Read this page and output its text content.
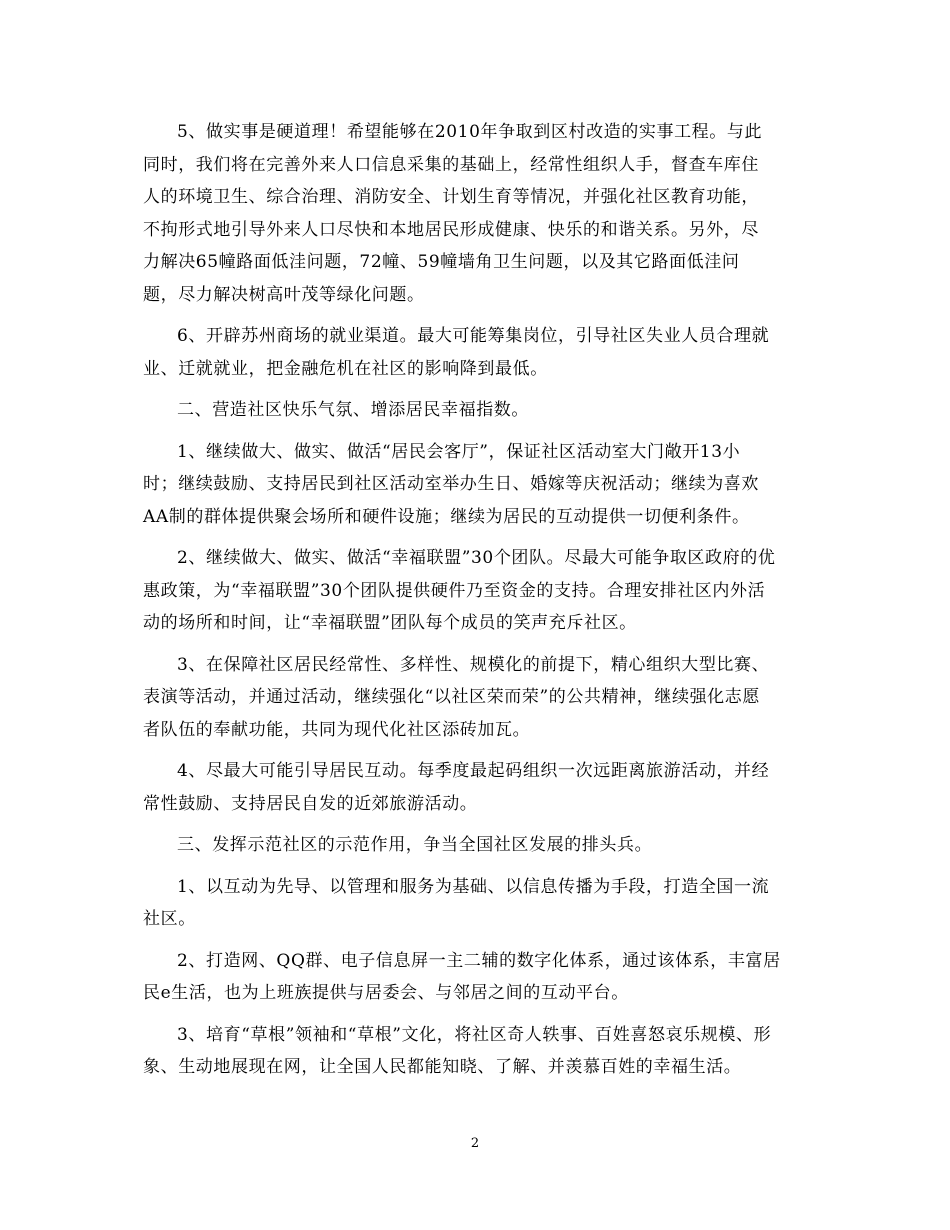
5、做实事是硬道理！希望能够在2010年争取到区村改造的实事工程。与此
同时，我们将在完善外来人口信息采集的基础上，经常性组织人手，督查车库住
人的环境卫生、综合治理、消防安全、计划生育等情况，并强化社区教育功能，
不拘形式地引导外来人口尽快和本地居民形成健康、快乐的和谐关系。另外，尽
力解决65幢路面低洼问题，72幢、59幢墙角卫生问题，以及其它路面低洼问
题，尽力解决树高叶茂等绿化问题。

6、开辟苏州商场的就业渠道。最大可能筹集岗位，引导社区失业人员合理就
业、迁就就业，把金融危机在社区的影响降到最低。

二、营造社区快乐气氛、增添居民幸福指数。

1、继续做大、做实、做活“居民会客厅”，保证社区活动室大门敞开13小
时；继续鼓励、支持居民到社区活动室举办生日、婚嫁等庆祝活动；继续为喜欢
AA制的群体提供聚会场所和硬件设施；继续为居民的互动提供一切便利条件。

2、继续做大、做实、做活“幸福联盟”30个团队。尽最大可能争取区政府的优
惠政策，为“幸福联盟”30个团队提供硬件乃至资金的支持。合理安排社区内外活
动的场所和时间，让“幸福联盟”团队每个成员的笑声充斥社区。

3、在保障社区居民经常性、多样性、规模化的前提下，精心组织大型比赛、
表演等活动，并通过活动，继续强化“以社区荣而荣”的公共精神，继续强化志愿
者队伍的奉献功能，共同为现代化社区添砖加瓦。

4、尽最大可能引导居民互动。每季度最起码组织一次远距离旅游活动，并经
常性鼓励、支持居民自发的近郊旅游活动。

三、发挥示范社区的示范作用，争当全国社区发展的排头兵。

1、以互动为先导、以管理和服务为基础、以信息传播为手段，打造全国一流
社区。

2、打造网、QQ群、电子信息屏一主二辅的数字化体系，通过该体系，丰富居
民e生活，也为上班族提供与居委会、与邻居之间的互动平台。

3、培育“草根”领袖和“草根”文化，将社区奇人轶事、百姓喜怒哀乐规模、形
象、生动地展现在网，让全国人民都能知晓、了解、并羡慕百姓的幸福生活。

2
